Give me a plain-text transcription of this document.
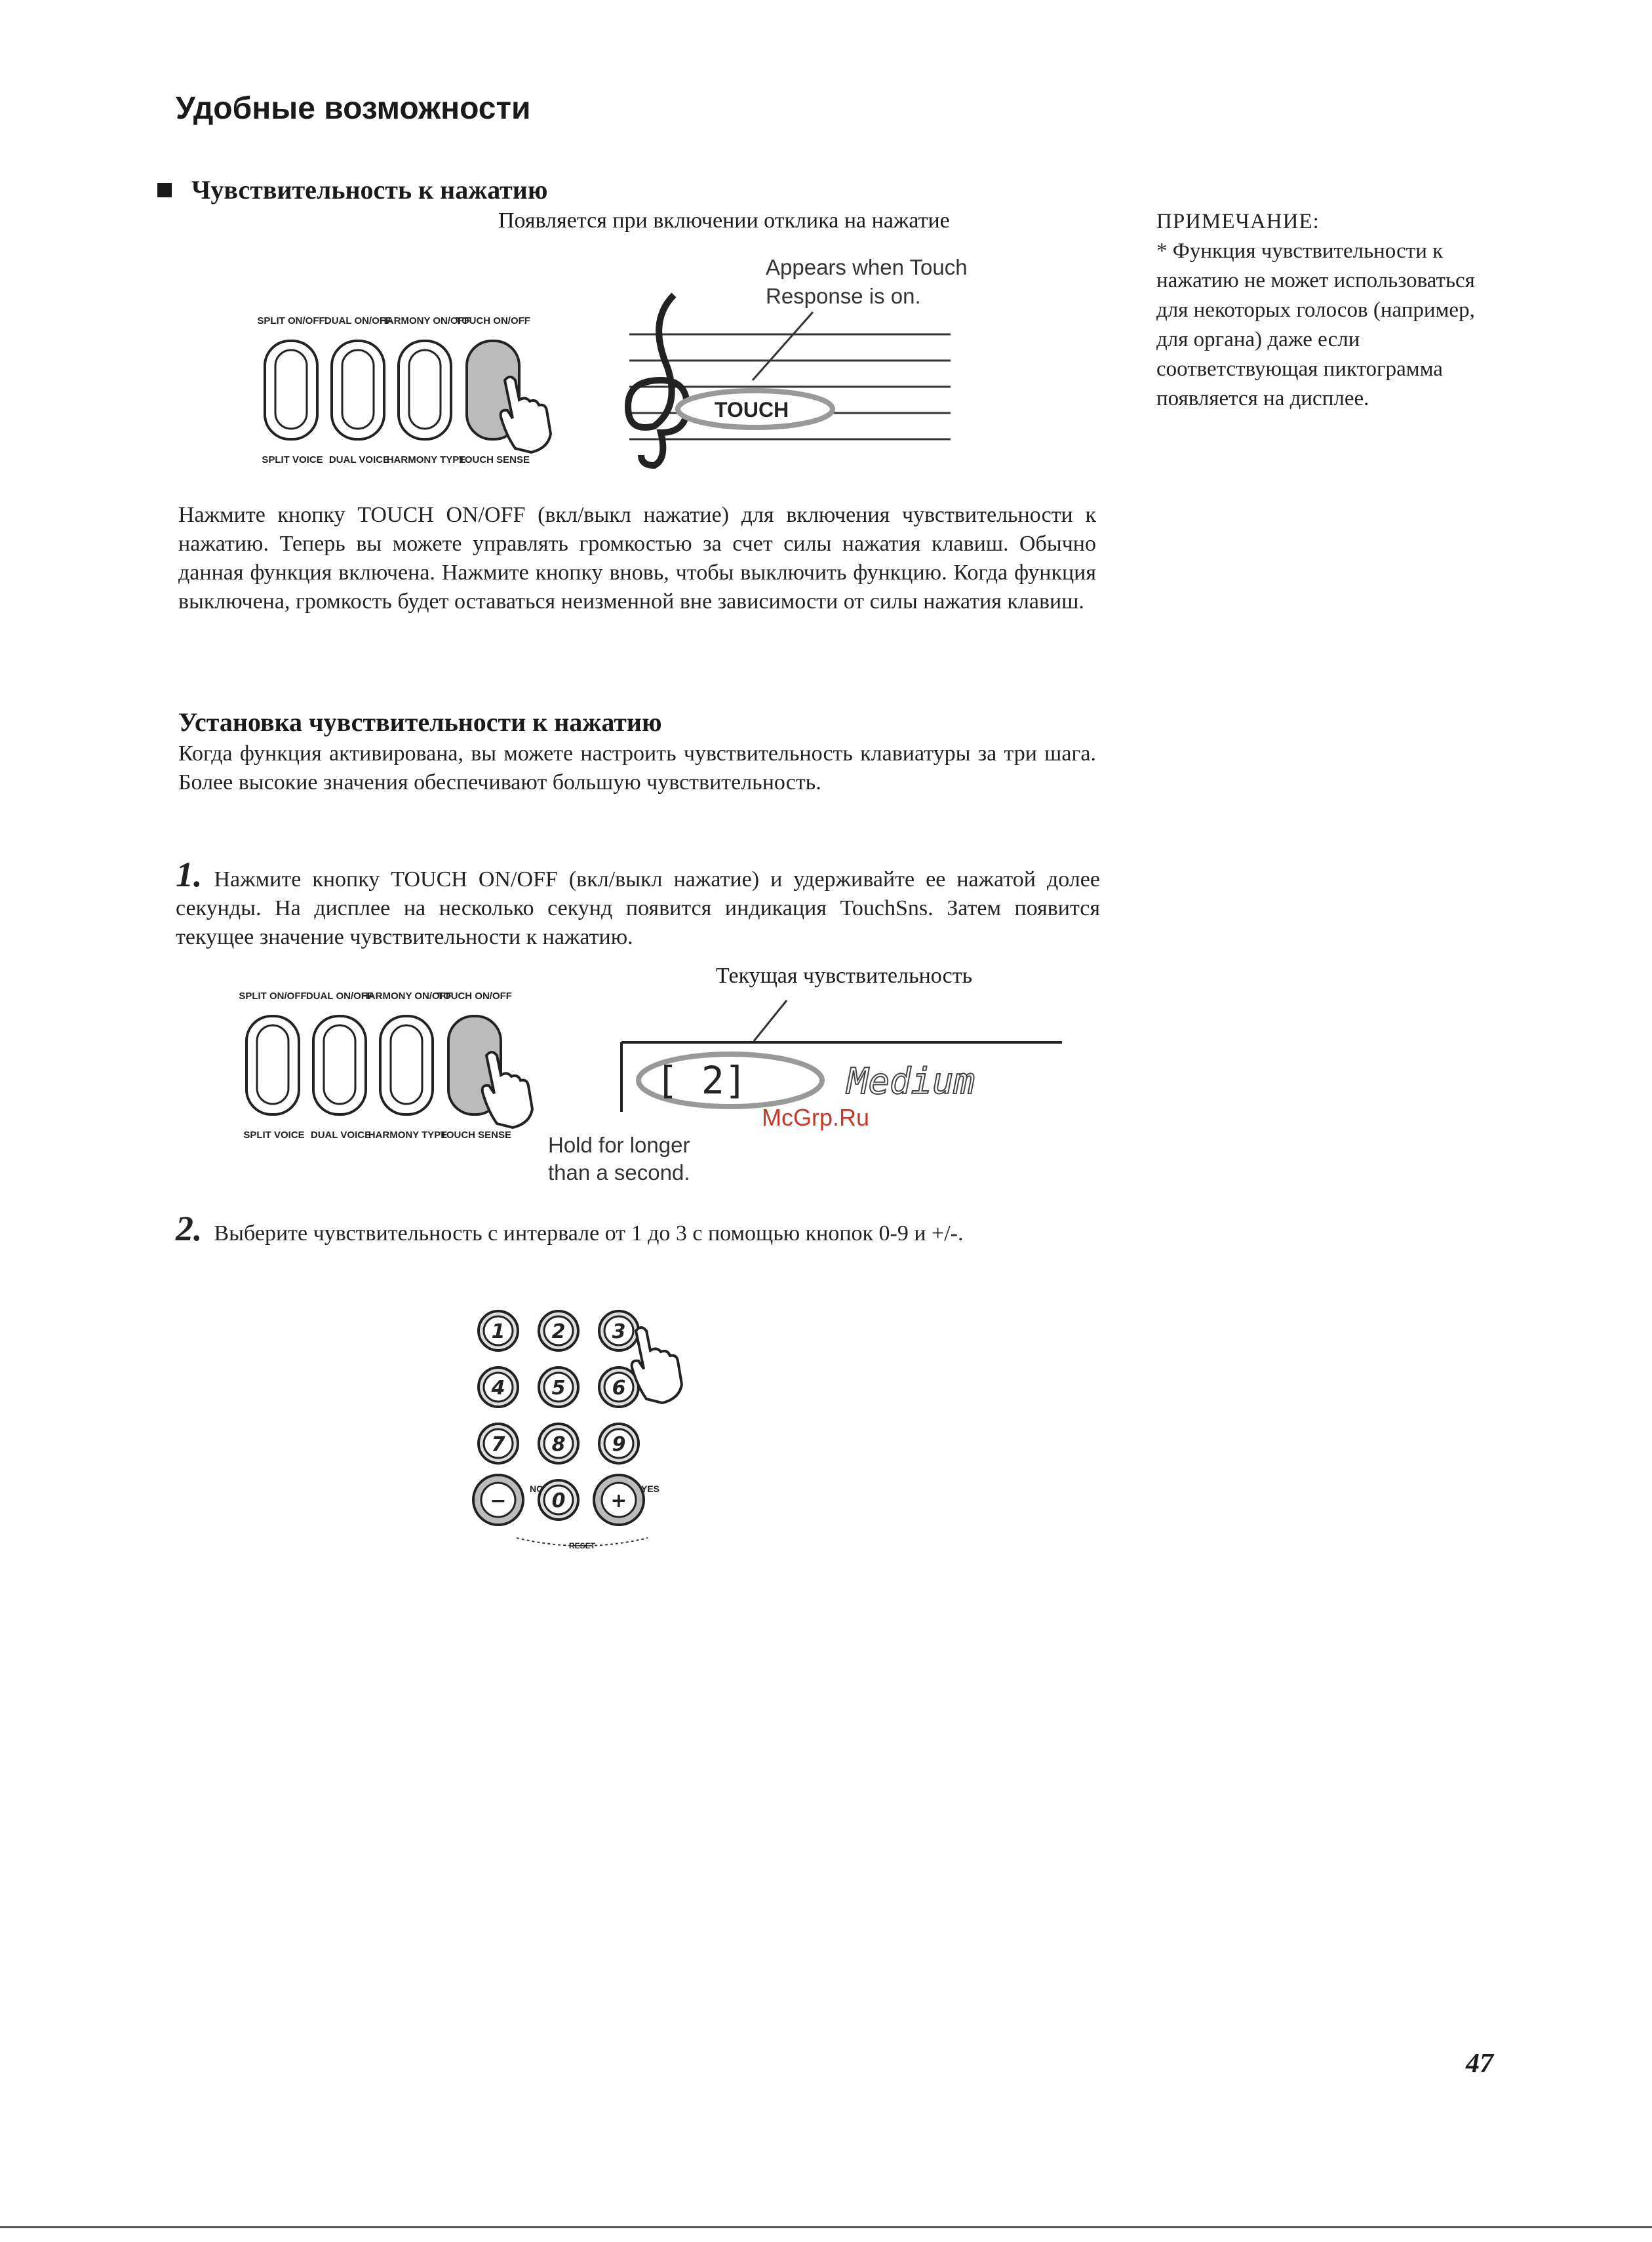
Удобные возможности
Чувствительность к нажатию
Появляется при включении отклика на нажатие
Appears when Touch
Response is on.
SPLIT ON/OFF DUAL ON/OFF
HARMONY ON/OFF
TOUCH ON/OFF
SPLIT VOICE DUAL VOICE
HARMONY TYPE
TOUCH SENSE
TOUCH
Нажмите кнопку TOUCH ON/OFF (вкл/выкл нажатие) для включения чувствительности к нажатию. Теперь вы можете управлять громкостью за счет силы нажатия клавиш. Обычно данная функция включена. Нажмите кнопку вновь, чтобы выключить функцию. Когда функция выключена, громкость будет оставаться неизменной вне зависимости от силы нажатия клавиш.
Установка чувствительности к нажатию
Когда функция активирована, вы можете настроить чувствительность клавиатуры за три шага. Более высокие значения обеспечивают большую чувствительность.
1. Нажмите кнопку TOUCH ON/OFF (вкл/выкл нажатие) и удерживайте ее нажатой долее секунды. На дисплее на несколько секунд появится индикация TouchSns. Затем появится текущее значение чувствительности к нажатию.
Текущая чувствительность
SPLIT ON/OFF DUAL ON/OFF
HARMONY ON/OFF
TOUCH ON/OFF
SPLIT VOICE DUAL VOICE
HARMONY TYPE
TOUCH SENSE Hold for longer
than a second.
[ 2]	Medium
McGrp.Ru
2. Выберите чувствительность с интервале от 1 до 3 с помощью кнопок 0-9 и +/-.
1 2 3
4 5 6
7 8 9
− 0 +
NO	YES
RESET
ПРИМЕЧАНИЕ:
* Функция чувствительности к нажатию не может использоваться для некоторых голосов (например, для органа) даже если соответствующая пиктограмма появляется на дисплее.
47
